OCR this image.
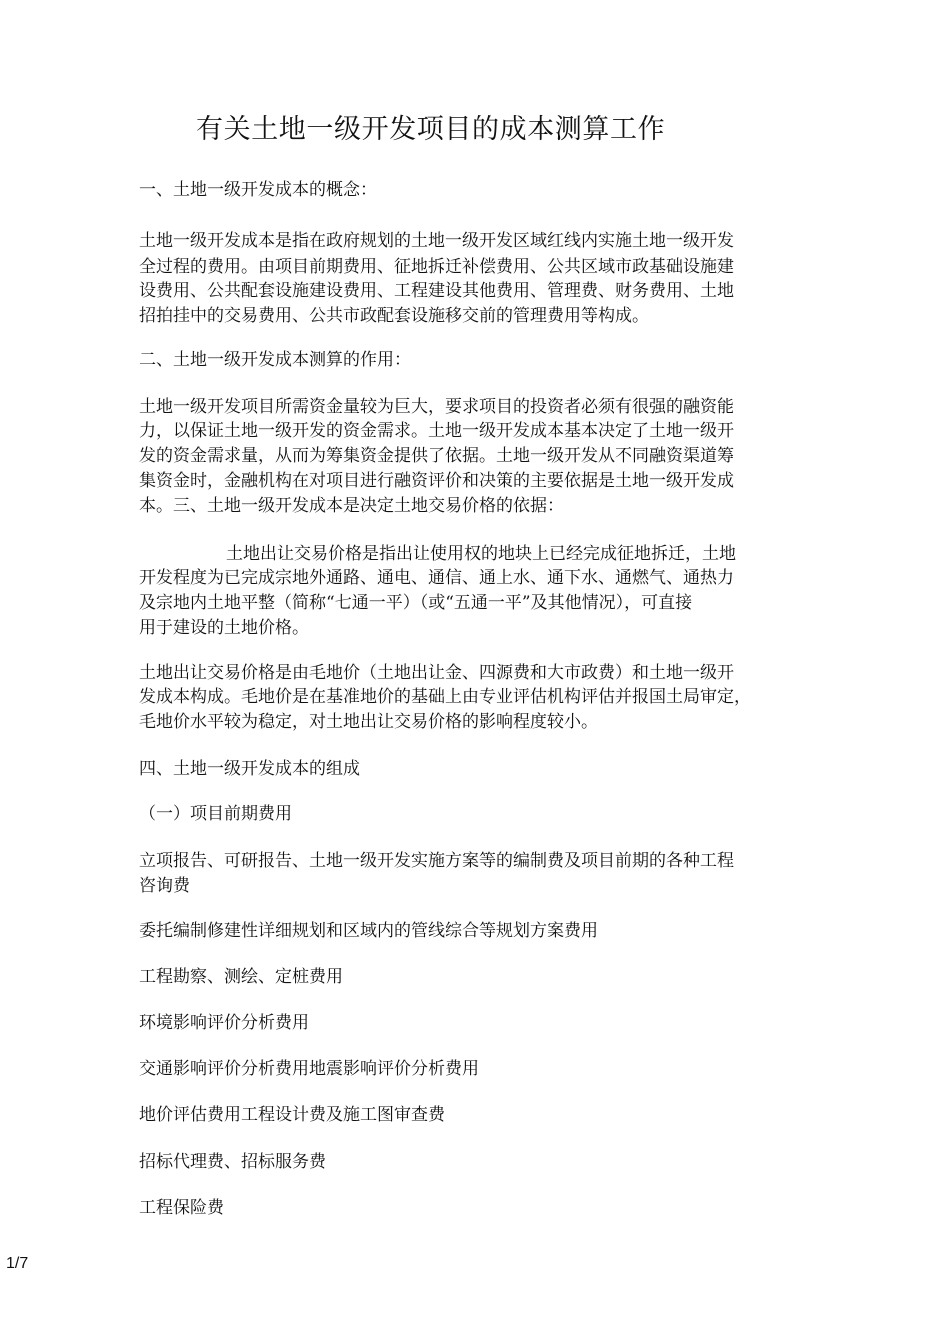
有关土地一级开发项目的成本测算工作
一、土地一级开发成本的概念：
土地一级开发成本是指在政府规划的土地一级开发区域红线内实施土地一级开发
全过程的费用。由项目前期费用、征地拆迁补偿费用、公共区域市政基础设施建
设费用、公共配套设施建设费用、工程建设其他费用、管理费、财务费用、土地
招拍挂中的交易费用、公共市政配套设施移交前的管理费用等构成。
二、土地一级开发成本测算的作用：
土地一级开发项目所需资金量较为巨大，要求项目的投资者必须有很强的融资能
力，以保证土地一级开发的资金需求。土地一级开发成本基本决定了土地一级开
发的资金需求量，从而为筹集资金提供了依据。土地一级开发从不同融资渠道筹
集资金时，金融机构在对项目进行融资评价和决策的主要依据是土地一级开发成
本。三、土地一级开发成本是决定土地交易价格的依据：
土地出让交易价格是指出让使用权的地块上已经完成征地拆迁，土地
开发程度为已完成宗地外通路、通电、通信、通上水、通下水、通燃气、通热力
及宗地内土地平整（简称“七通一平）（或“五通一平”及其他情况），可直接
用于建设的土地价格。
土地出让交易价格是由毛地价（土地出让金、四源费和大市政费）和土地一级开
发成本构成。毛地价是在基准地价的基础上由专业评估机构评估并报国土局审定，
毛地价水平较为稳定，对土地出让交易价格的影响程度较小。
四、土地一级开发成本的组成
（一）项目前期费用
立项报告、可研报告、土地一级开发实施方案等的编制费及项目前期的各种工程
咨询费
委托编制修建性详细规划和区域内的管线综合等规划方案费用
工程勘察、测绘、定桩费用
环境影响评价分析费用
交通影响评价分析费用地震影响评价分析费用
地价评估费用工程设计费及施工图审查费
招标代理费、招标服务费
工程保险费
1/7
